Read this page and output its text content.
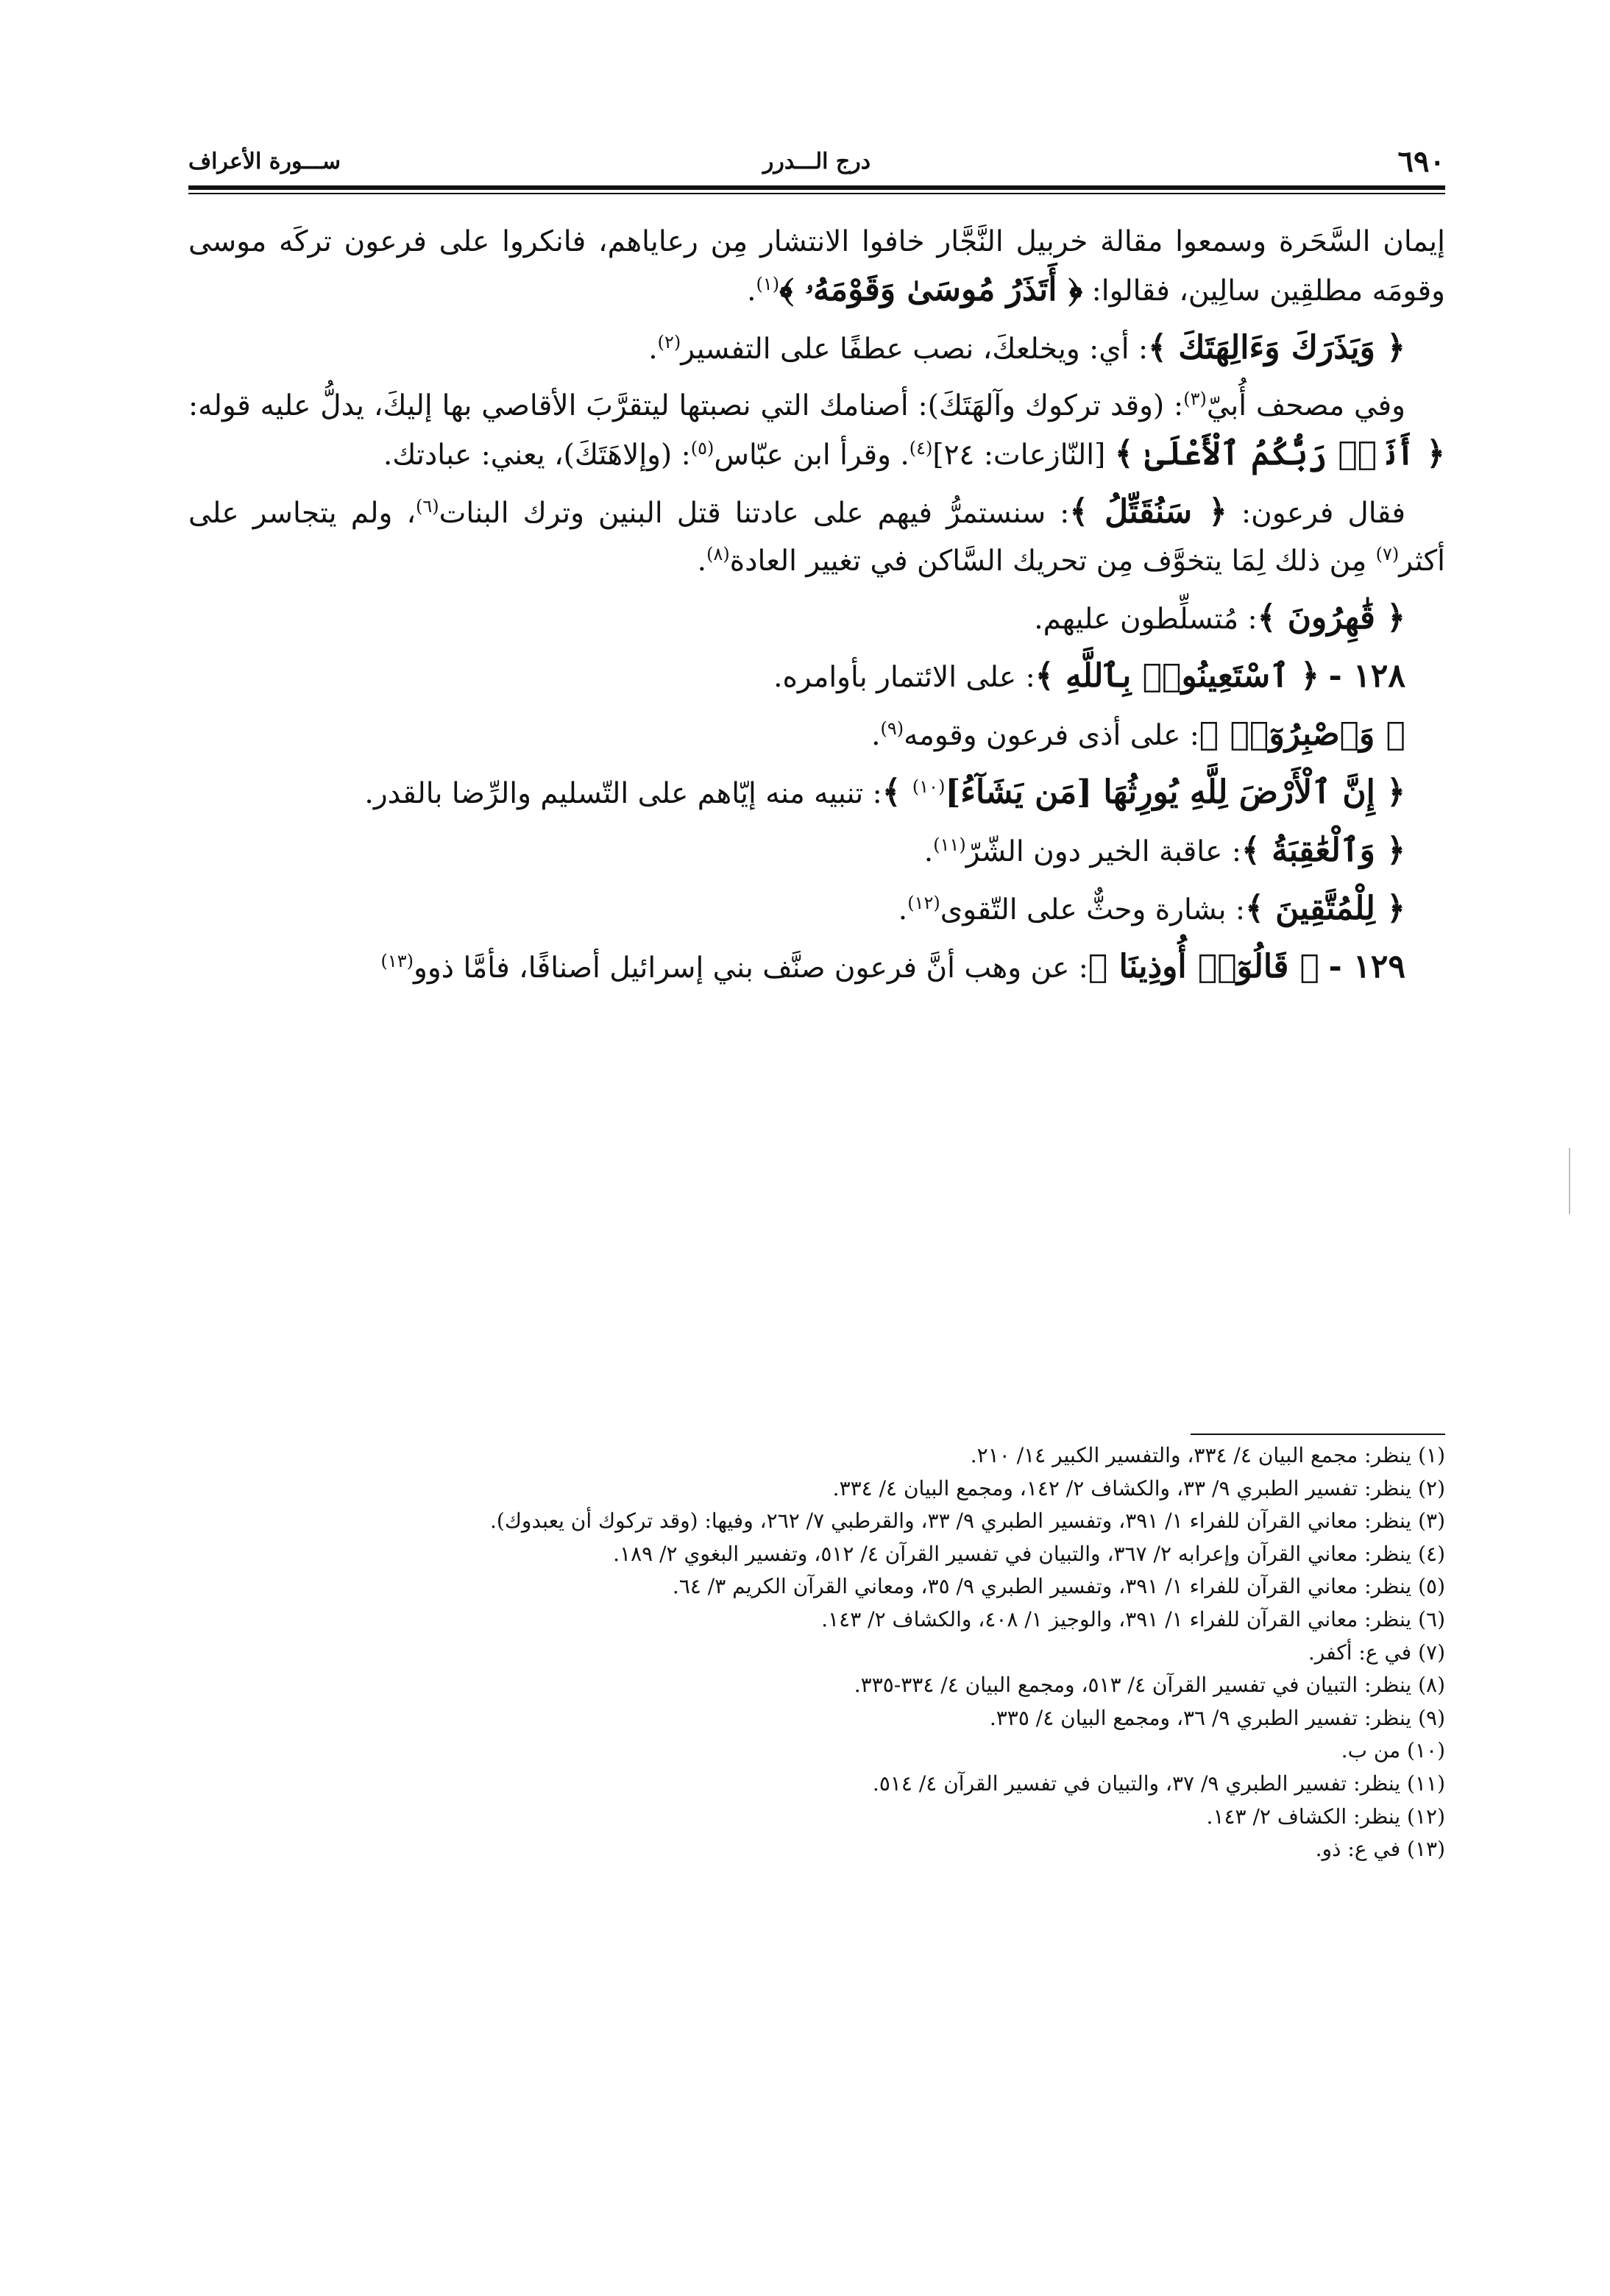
٦٩٠
درج الـــدرر
ســـورة الأعراف

إيمان السَّحَرة وسمعوا مقالة خربيل النَّجَّار خافوا الانتشار مِن رعاياهم، فانكروا على فرعون تركَه موسى وقومَه مطلقِين سالِين، فقالوا: ﴿ أَتَذَرُ مُوسَىٰ وَقَوْمَهُۥ ﴾$^{(١)}$.

﴿ وَيَذَرَكَ وَءَالِهَتَكَ ﴾: أي: ويخلعكَ، نصب عطفًا على التفسير$^{(٢)}$.

وفي مصحف أُبيّ$^{(٣)}$: (وقد تركوك وآلهَتَكَ): أصنامك التي نصبتها ليتقرَّبَ الأقاصي بها إليكَ، يدلُّ عليه قوله: ﴿ أَنَا۠ رَبُّكُمُ ٱلْأَعْلَىٰ ﴾ [النّازعات: ٢٤]$^{(٤)}$. وقرأ ابن عبّاس$^{(٥)}$: (وإلاهَتَكَ)، يعني: عبادتك.

فقال فرعون: ﴿ سَنُقَتِّلُ ﴾: سنستمرُّ فيهم على عادتنا قتل البنين وترك البنات$^{(٦)}$، ولم يتجاسر على أكثر$^{(٧)}$ مِن ذلك لِمَا يتخوَّف مِن تحريك السَّاكن في تغيير العادة$^{(٨)}$.

﴿ قَٰهِرُونَ ﴾: مُتسلِّطون عليهم.

١٢٨ - ﴿ ٱسْتَعِينُوا۟ بِٱللَّهِ ﴾: على الائتمار بأوامره.

﴿ وَٱصْبِرُوٓا۟ ﴾: على أذى فرعون وقومه$^{(٩)}$.

﴿ إِنَّ ٱلْأَرْضَ لِلَّهِ يُورِثُهَا [مَن يَشَآءُ]$^{(١٠)}$ ﴾: تنبيه منه إيّاهم على التّسليم والرِّضا بالقدر.

﴿ وَٱلْعَٰقِبَةُ ﴾: عاقبة الخير دون الشّرّ$^{(١١)}$.

﴿ لِلْمُتَّقِينَ ﴾: بشارة وحثٌّ على التّقوى$^{(١٢)}$.

١٢٩ - ﴿ قَالُوٓا۟ أُوذِينَا ﴾: عن وهب أنَّ فرعون صنَّف بني إسرائيل أصنافًا، فأمَّا ذوو$^{(١٣)}$

(١) ينظر: مجمع البيان ٤/ ٣٣٤، والتفسير الكبير ١٤/ ٢١٠.
(٢) ينظر: تفسير الطبري ٩/ ٣٣، والكشاف ٢/ ١٤٢، ومجمع البيان ٤/ ٣٣٤.
(٣) ينظر: معاني القرآن للفراء ١/ ٣٩١، وتفسير الطبري ٩/ ٣٣، والقرطبي ٧/ ٢٦٢، وفيها: (وقد تركوك أن يعبدوك).
(٤) ينظر: معاني القرآن وإعرابه ٢/ ٣٦٧، والتبيان في تفسير القرآن ٤/ ٥١٢، وتفسير البغوي ٢/ ١٨٩.
(٥) ينظر: معاني القرآن للفراء ١/ ٣٩١، وتفسير الطبري ٩/ ٣٥، ومعاني القرآن الكريم ٣/ ٦٤.
(٦) ينظر: معاني القرآن للفراء ١/ ٣٩١، والوجيز ١/ ٤٠٨، والكشاف ٢/ ١٤٣.
(٧) في ع: أكفر.
(٨) ينظر: التبيان في تفسير القرآن ٤/ ٥١٣، ومجمع البيان ٤/ ٣٣٤-٣٣٥.
(٩) ينظر: تفسير الطبري ٩/ ٣٦، ومجمع البيان ٤/ ٣٣٥.
(١٠) من ب.
(١١) ينظر: تفسير الطبري ٩/ ٣٧، والتبيان في تفسير القرآن ٤/ ٥١٤.
(١٢) ينظر: الكشاف ٢/ ١٤٣.
(١٣) في ع: ذو.
